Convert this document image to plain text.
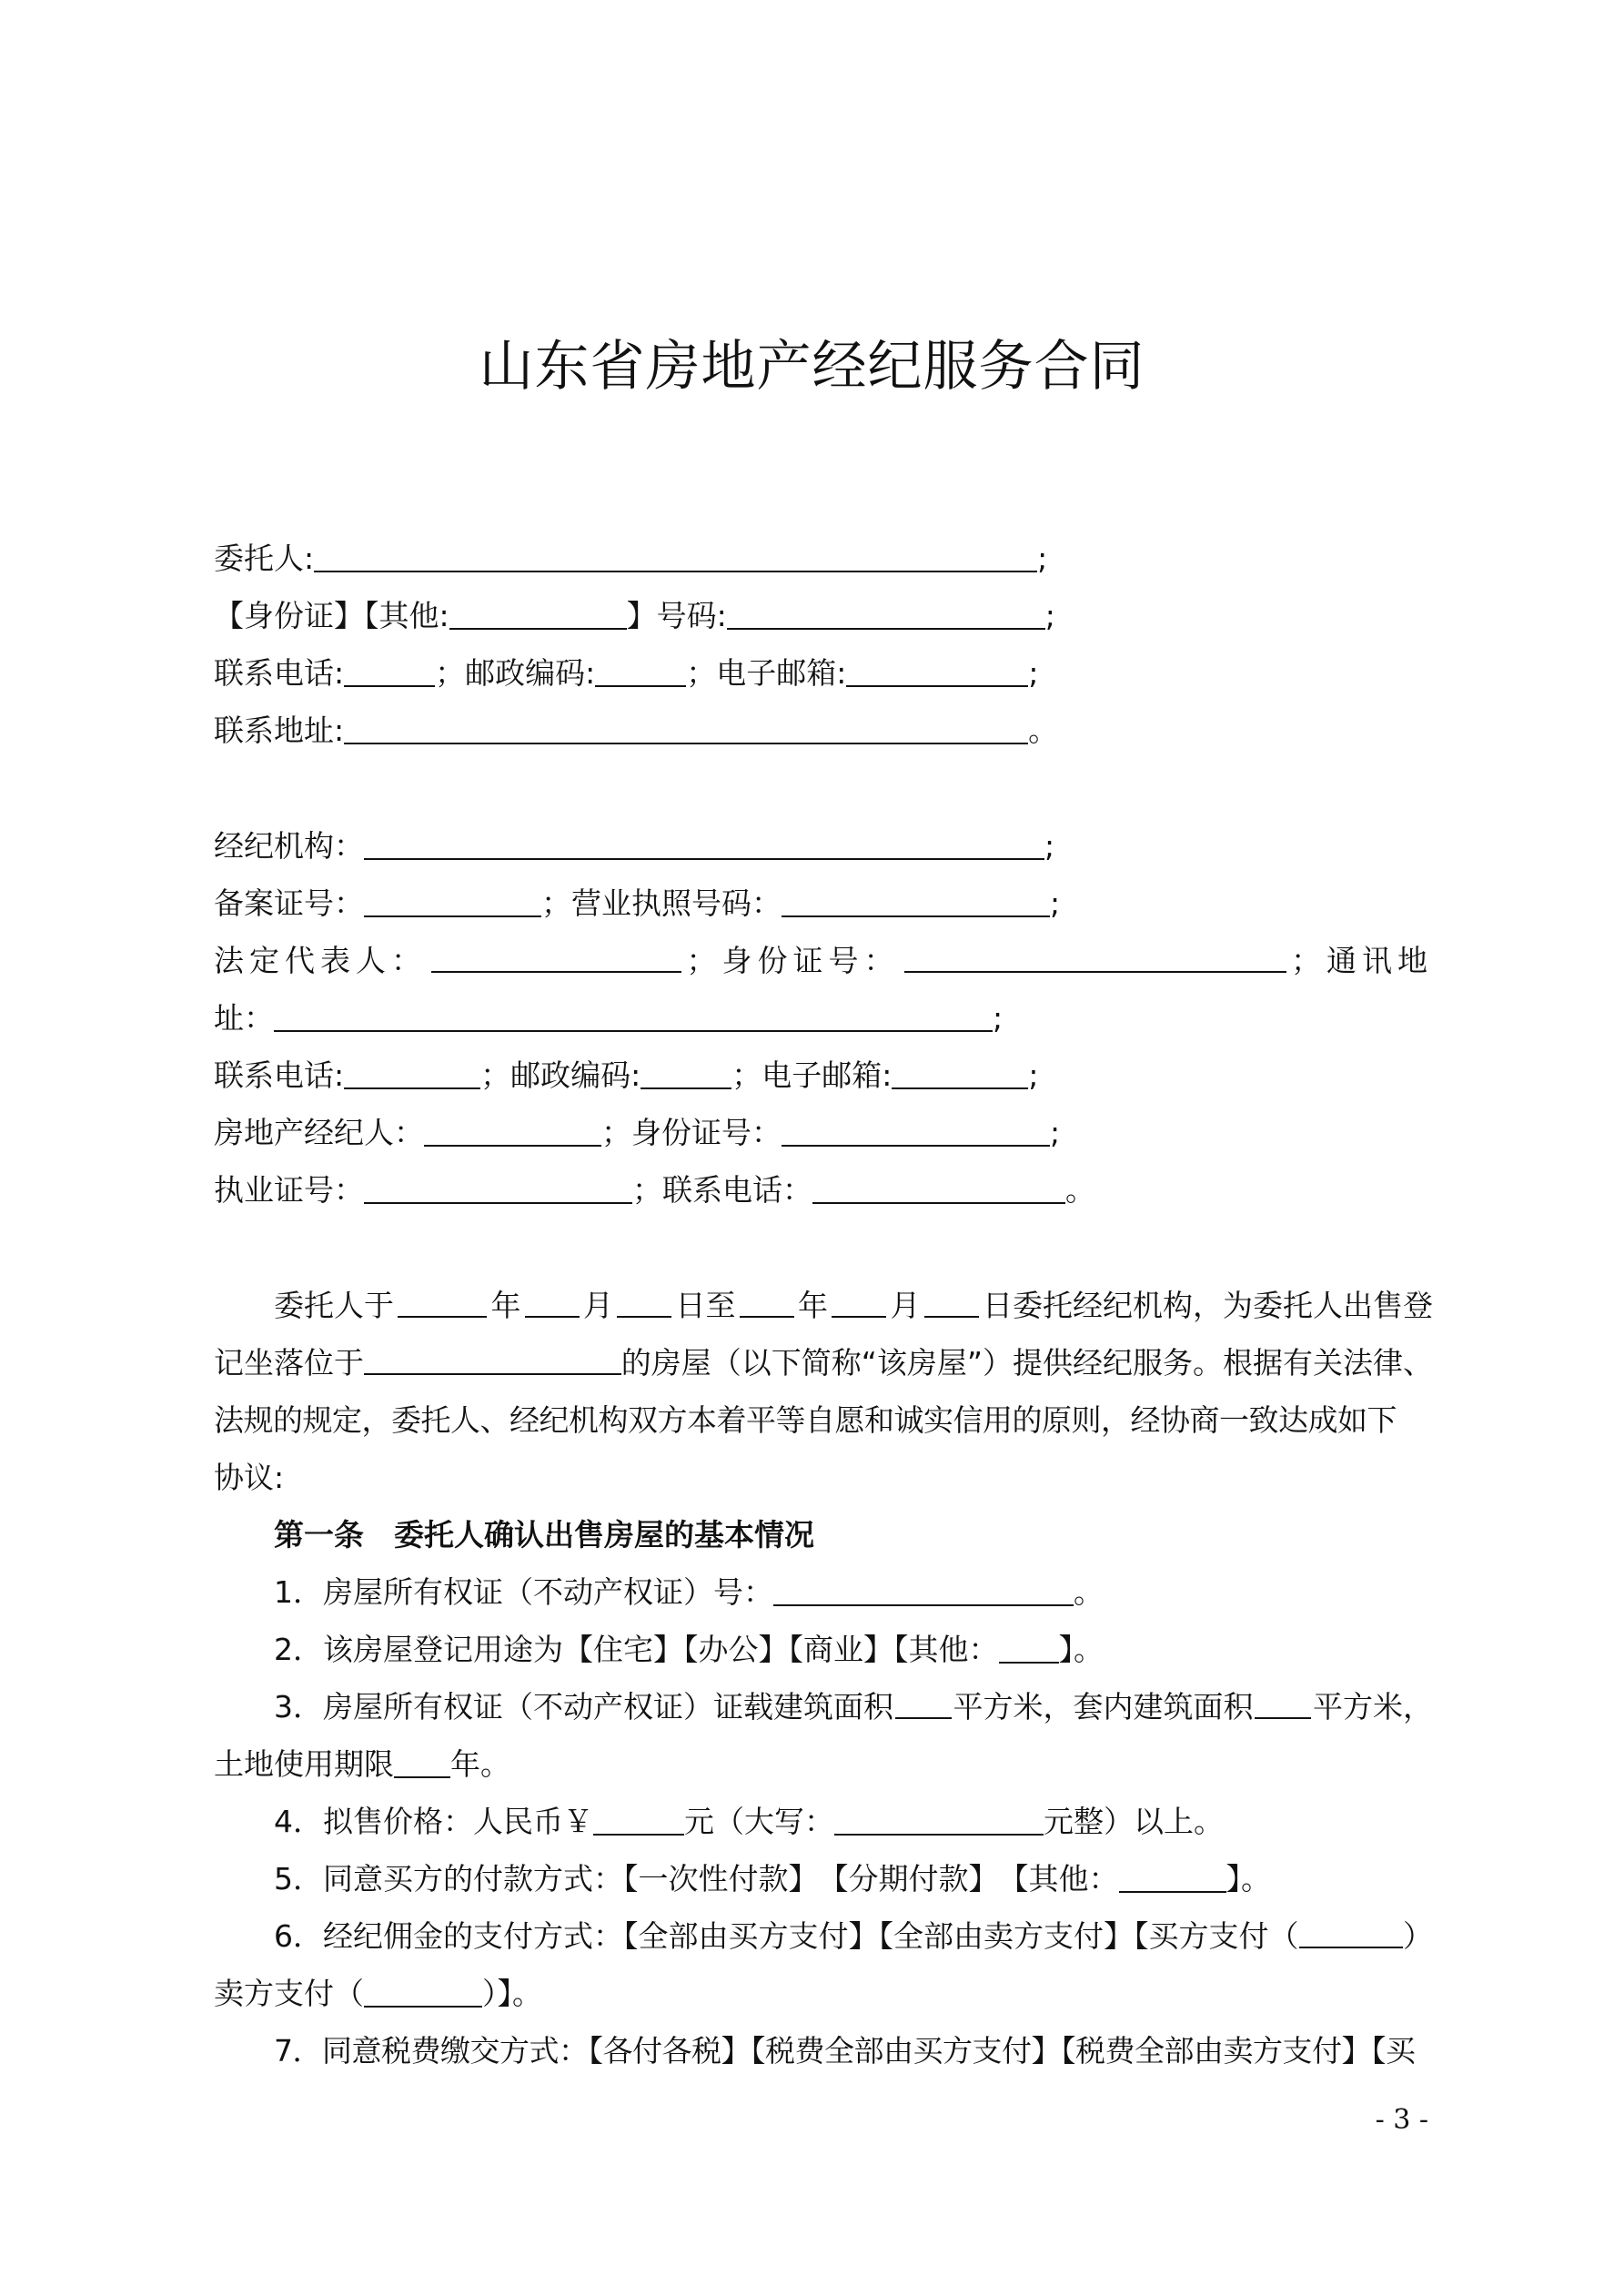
山东省房地产经纪服务合同
委托人:	;
【身份证】【其他:	】号码:	;
联系电话:	；邮政编码:	；电子邮箱:	;
联系地址:	。
经纪机构：	;
备案证号：	；营业执照号码：	;
法定代表人：	；身份证号：	；通讯地
址：	;
联系电话:	；邮政编码:	；电子邮箱:	;
房地产经纪人：	；身份证号：	;
执业证号：	；联系电话：	。
委托人于	年 月 日至 年 月 日委托经纪机构，为委托人出售登
记坐落位于	的房屋（以下简称“该房屋”）提供经纪服务。根据有关法律、
法规的规定，委托人、经纪机构双方本着平等自愿和诚实信用的原则，经协商一致达成如下
协议:
第一条　委托人确认出售房屋的基本情况
1．房屋所有权证（不动产权证）号：	。
2．该房屋登记用途为【住宅】【办公】【商业】【其他： 】。
3．房屋所有权证（不动产权证）证载建筑面积 平方米，套内建筑面积 平方米，
土地使用期限 年。
4．拟售价格：人民币￥	元（大写：	元整）以上。
5．同意买方的付款方式：【一次性付款】　【分期付款】　【其他：	】。
6．经纪佣金的支付方式：【全部由买方支付】【全部由卖方支付】【买方支付（	）
卖方支付（	）】。
7．同意税费缴交方式：【各付各税】【税费全部由买方支付】【税费全部由卖方支付】【买
- 3 -
